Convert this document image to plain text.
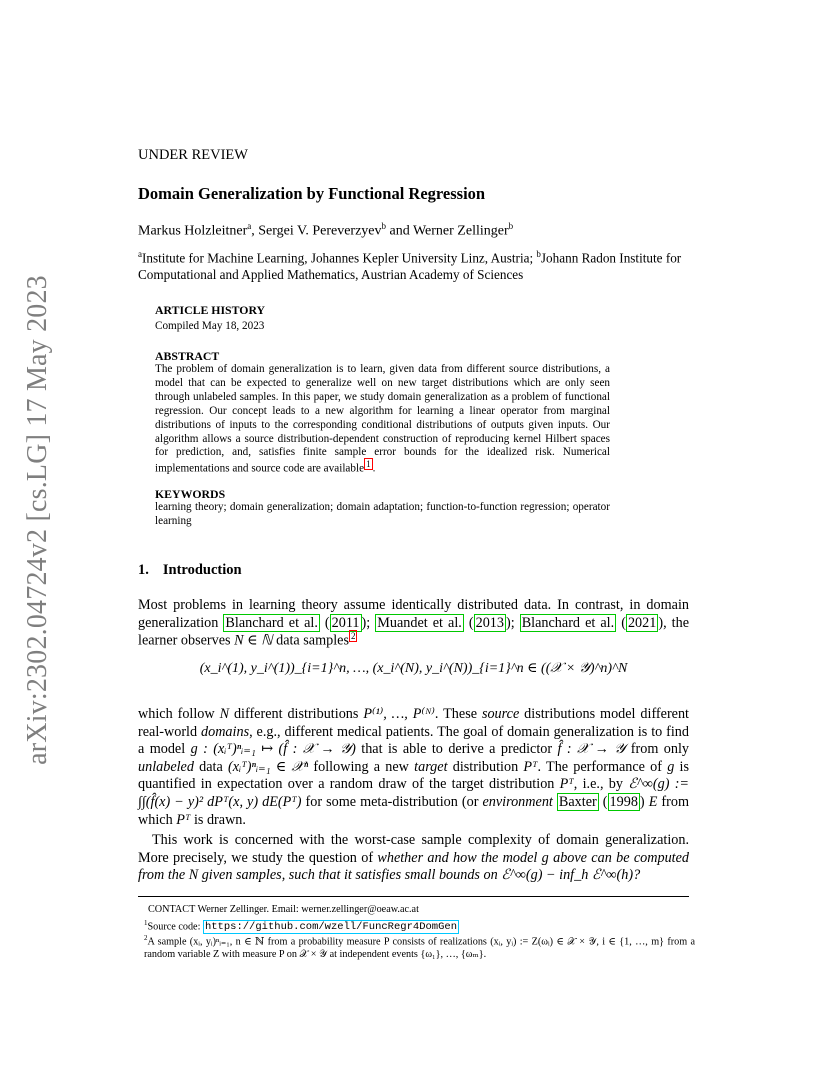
arXiv:2302.04724v2 [cs.LG] 17 May 2023
UNDER REVIEW
Domain Generalization by Functional Regression
Markus Holzleitner$^a$, Sergei V. Pereverzyev$^b$ and Werner Zellinger$^b$
$^a$Institute for Machine Learning, Johannes Kepler University Linz, Austria; $^b$Johann Radon Institute for Computational and Applied Mathematics, Austrian Academy of Sciences
ARTICLE HISTORY
Compiled May 18, 2023
ABSTRACT
The problem of domain generalization is to learn, given data from different source distributions, a model that can be expected to generalize well on new target distributions which are only seen through unlabeled samples. In this paper, we study domain generalization as a problem of functional regression. Our concept leads to a new algorithm for learning a linear operator from marginal distributions of inputs to the corresponding conditional distributions of outputs given inputs. Our algorithm allows a source distribution-dependent construction of reproducing kernel Hilbert spaces for prediction, and, satisfies finite sample error bounds for the idealized risk. Numerical implementations and source code are available $^1$ .
KEYWORDS
learning theory; domain generalization; domain adaptation; function-to-function regression; operator learning
1. Introduction
Most problems in learning theory assume identically distributed data. In contrast, in domain generalization Blanchard et al. ( 2011 ); Muandet et al. ( 2013 ); Blanchard et al. ( 2021 ), the learner observes N ∈ ℕ data samples $^2$
(x_i^(1), y_i^(1))_{i=1}^n, …, (x_i^(N), y_i^(N))_{i=1}^n ∈ ((𝒳 × 𝒴)^n)^N
which follow N different distributions P⁽¹⁾, …, P⁽ᴺ⁾. These source distributions model different real-world domains, e.g., different medical patients. The goal of domain generalization is to find a model g : (xᵢᵀ)ⁿᵢ₌₁ ↦ (f̂ : 𝒳 → 𝒴) that is able to derive a predictor f̂ : 𝒳 → 𝒴 from only unlabeled data (xᵢᵀ)ⁿᵢ₌₁ ∈ 𝒳ⁿ following a new target distribution Pᵀ. The performance of g is quantified in expectation over a random draw of the target distribution Pᵀ, i.e., by ℰ^∞(g) := ∫∫(f̂(x) − y)² dPᵀ(x, y) dE(Pᵀ) for some meta-distribution (or environment Baxter ( 1998 ) E from which Pᵀ is drawn.
This work is concerned with the worst-case sample complexity of domain generalization. More precisely, we study the question of whether and how the model g above can be computed from the N given samples, such that it satisfies small bounds on ℰ^∞(g) − inf_h ℰ^∞(h)?
CONTACT Werner Zellinger. Email: werner.zellinger@oeaw.ac.at
$^1$Source code: https://github.com/wzell/FuncRegr4DomGen
$^2$A sample (xᵢ, yᵢ)ⁿᵢ₌₁, n ∈ ℕ from a probability measure P consists of realizations (xᵢ, yᵢ) := Z(ωᵢ) ∈ 𝒳 × 𝒴, i ∈ {1, …, m} from a random variable Z with measure P on 𝒳 × 𝒴 at independent events {ω₁}, …, {ωₘ}.
